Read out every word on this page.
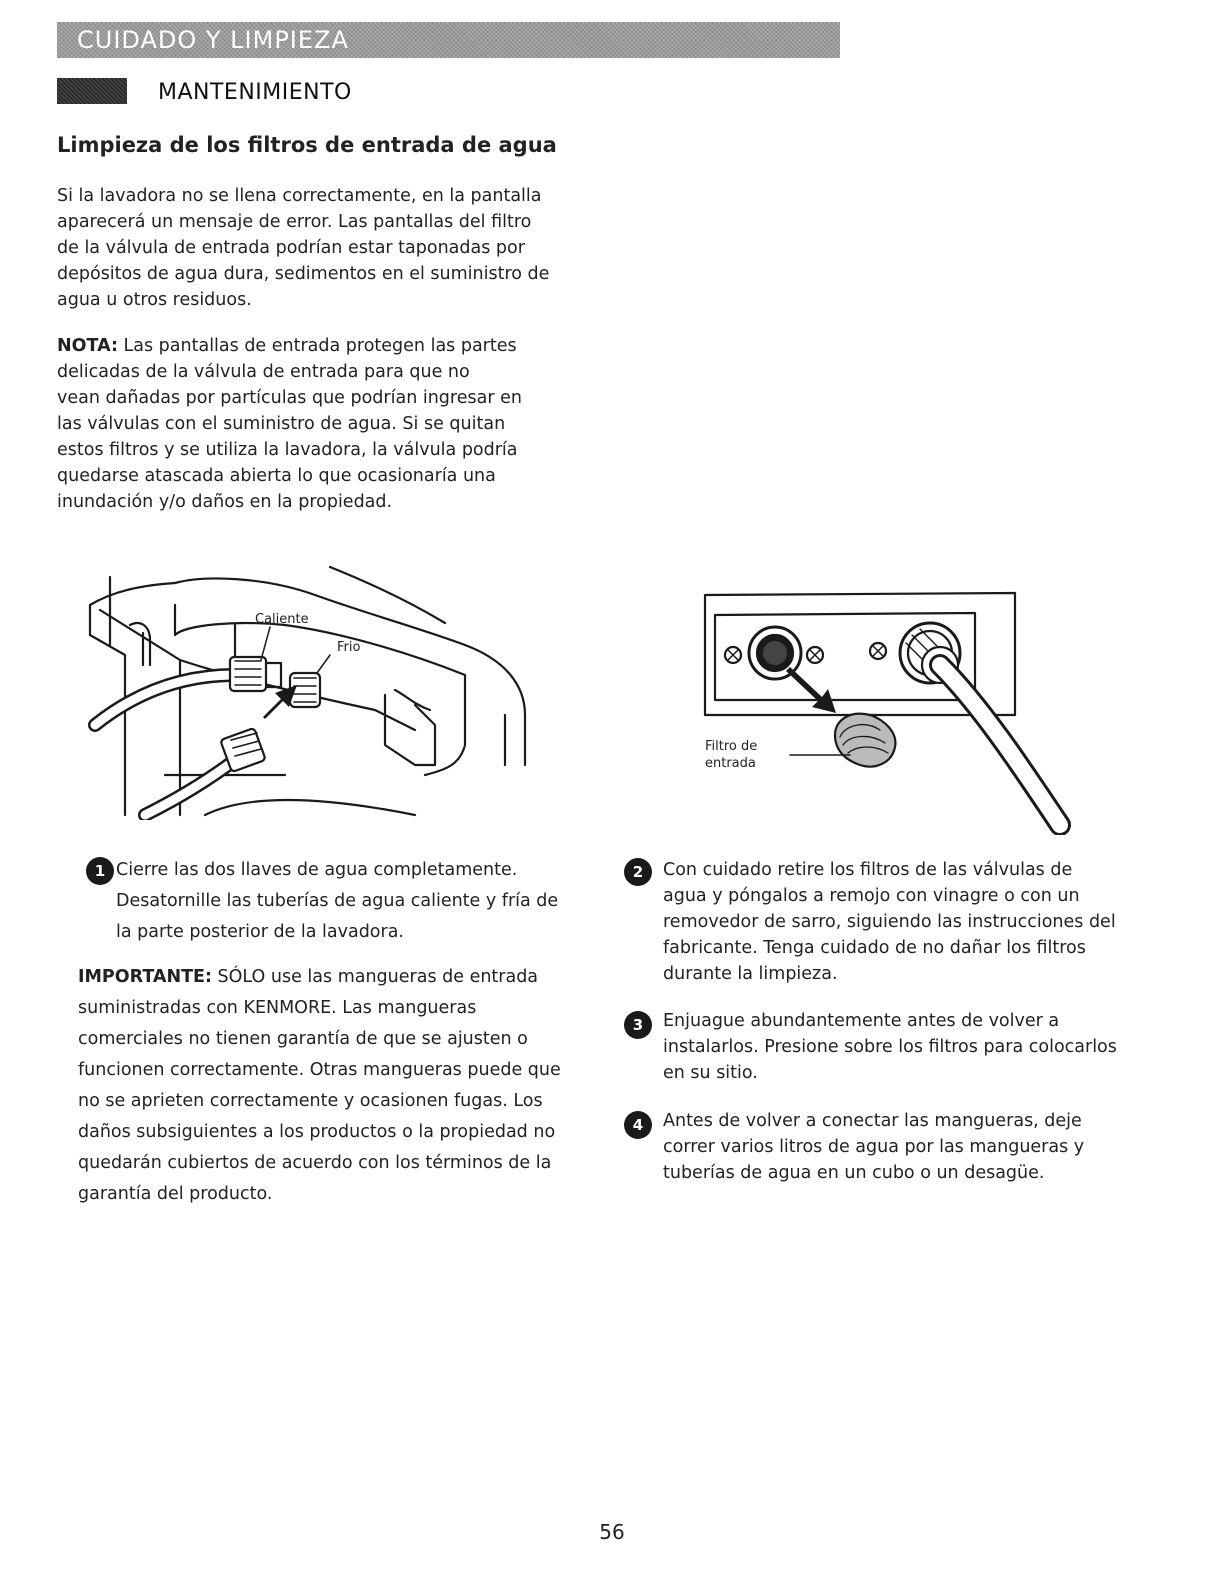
CUIDADO Y LIMPIEZA
MANTENIMIENTO
Limpieza de los filtros de entrada de agua

Si la lavadora no se llena correctamente, en la pantalla
aparecerá un mensaje de error. Las pantallas del filtro
de la válvula de entrada podrían estar taponadas por
depósitos de agua dura, sedimentos en el suministro de
agua u otros residuos.

NOTA: Las pantallas de entrada protegen las partes
delicadas de la válvula de entrada para que no
vean dañadas por partículas que podrían ingresar en
las válvulas con el suministro de agua. Si se quitan
estos filtros y se utiliza la lavadora, la válvula podría
quedarse atascada abierta lo que ocasionaría una
inundación y/o daños en la propiedad.

Caliente
Frio
Filtro de
entrada
1 Cierre las dos llaves de agua completamente.
Desatornille las tuberías de agua caliente y fría de
la parte posterior de la lavadora.

IMPORTANTE: SÓLO use las mangueras de entrada
suministradas con KENMORE. Las mangueras
comerciales no tienen garantía de que se ajusten o
funcionen correctamente. Otras mangueras puede que
no se aprieten correctamente y ocasionen fugas. Los
daños subsiguientes a los productos o la propiedad no
quedarán cubiertos de acuerdo con los términos de la
garantía del producto.

2	Con cuidado retire los filtros de las válvulas de
agua y póngalos a remojo con vinagre o con un
removedor de sarro, siguiendo las instrucciones del
fabricante. Tenga cuidado de no dañar los filtros
durante la limpieza.

3	Enjuague abundantemente antes de volver a
instalarlos. Presione sobre los filtros para colocarlos
en su sitio.

4	Antes de volver a conectar las mangueras, deje
correr varios litros de agua por las mangueras y
tuberías de agua en un cubo o un desagüe.

56
